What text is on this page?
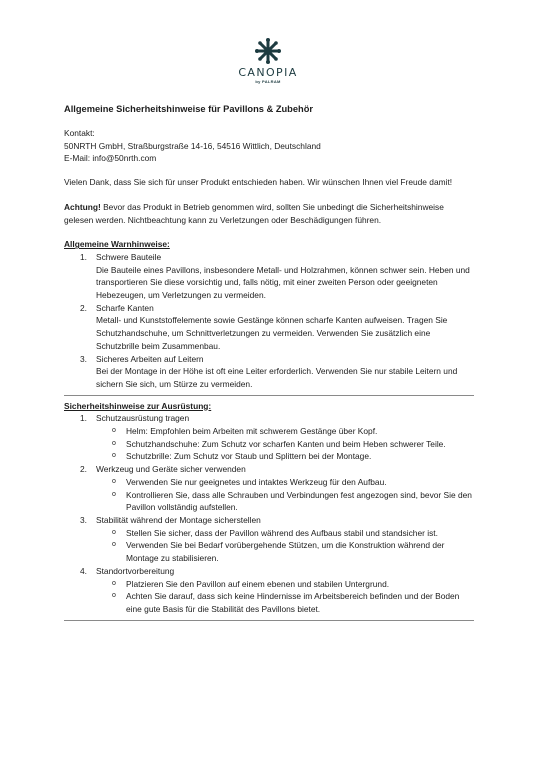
CANOPIA
by PALRAM
Allgemeine Sicherheitshinweise für Pavillons & Zubehör

Kontakt:

50NRTH GmbH, Straßburgstraße 14-16, 54516 Wittlich, Deutschland

E-Mail: info@50nrth.com

Vielen Dank, dass Sie sich für unser Produkt entschieden haben. Wir wünschen Ihnen viel Freude damit!

Achtung! Bevor das Produkt in Betrieb genommen wird, sollten Sie unbedingt die Sicherheitshinweise gelesen werden. Nichtbeachtung kann zu Verletzungen oder Beschädigungen führen.

Allgemeine Warnhinweise:
1. Schwere Bauteile
Die Bauteile eines Pavillons, insbesondere Metall- und Holzrahmen, können schwer sein. Heben und transportieren Sie diese vorsichtig und, falls nötig, mit einer zweiten Person oder geeigneten Hebezeugen, um Verletzungen zu vermeiden.
2. Scharfe Kanten
Metall- und Kunststoffelemente sowie Gestänge können scharfe Kanten aufweisen. Tragen Sie Schutzhandschuhe, um Schnittverletzungen zu vermeiden. Verwenden Sie zusätzlich eine Schutzbrille beim Zusammenbau.
3. Sicheres Arbeiten auf Leitern
Bei der Montage in der Höhe ist oft eine Leiter erforderlich. Verwenden Sie nur stabile Leitern und sichern Sie sich, um Stürze zu vermeiden.
Sicherheitshinweise zur Ausrüstung:
1. Schutzausrüstung tragen
o Helm: Empfohlen beim Arbeiten mit schwerem Gestänge über Kopf.
o Schutzhandschuhe: Zum Schutz vor scharfen Kanten und beim Heben schwerer Teile.
o Schutzbrille: Zum Schutz vor Staub und Splittern bei der Montage.
2. Werkzeug und Geräte sicher verwenden
o Verwenden Sie nur geeignetes und intaktes Werkzeug für den Aufbau.
o Kontrollieren Sie, dass alle Schrauben und Verbindungen fest angezogen sind, bevor Sie den Pavillon vollständig aufstellen.
3. Stabilität während der Montage sicherstellen
o Stellen Sie sicher, dass der Pavillon während des Aufbaus stabil und standsicher ist.
o Verwenden Sie bei Bedarf vorübergehende Stützen, um die Konstruktion während der Montage zu stabilisieren.
4. Standortvorbereitung
o Platzieren Sie den Pavillon auf einem ebenen und stabilen Untergrund.
o Achten Sie darauf, dass sich keine Hindernisse im Arbeitsbereich befinden und der Boden eine gute Basis für die Stabilität des Pavillons bietet.
